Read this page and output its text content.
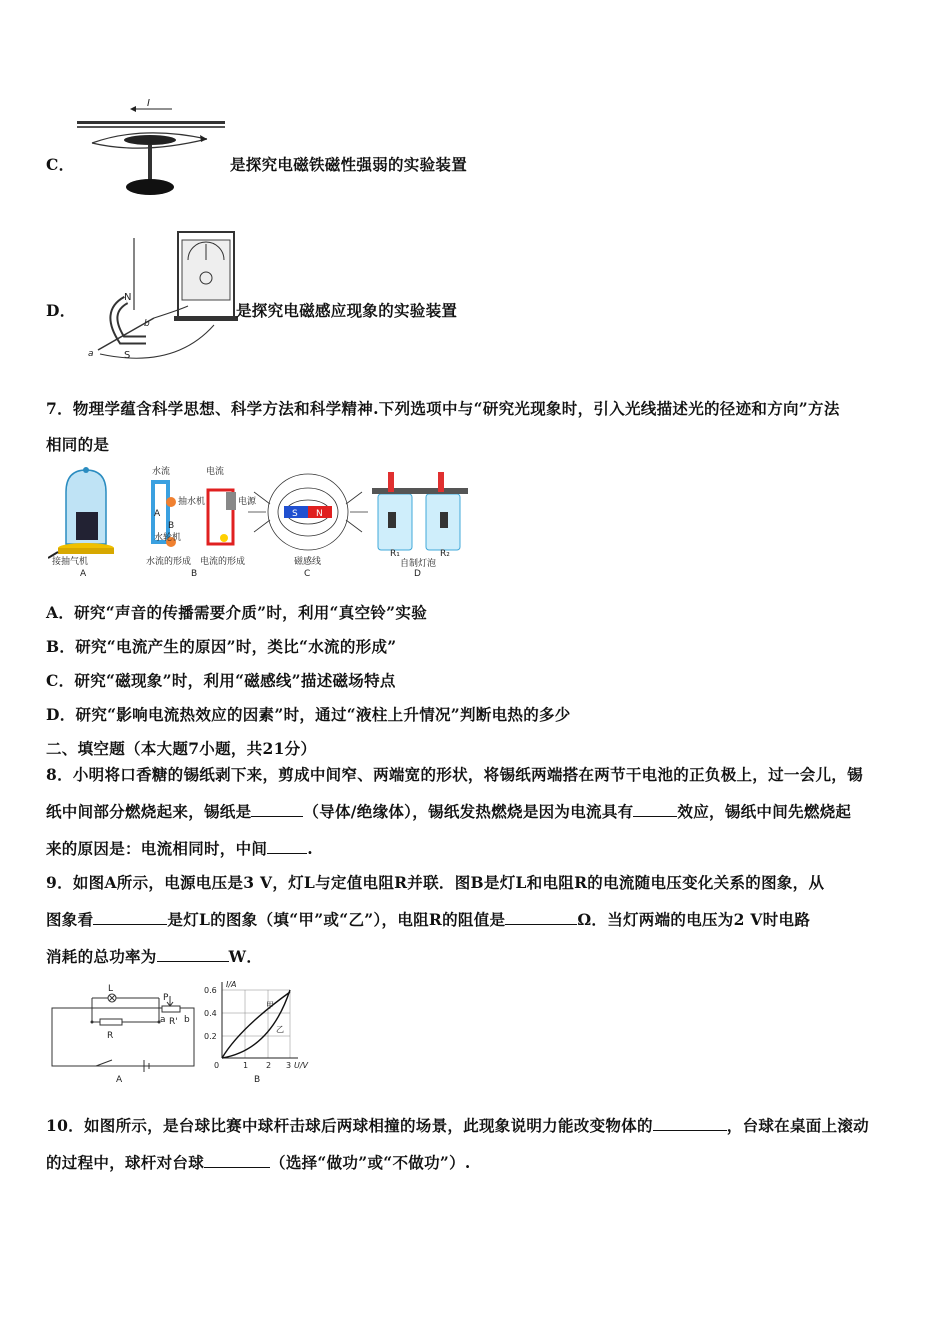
I
C．	是探究电磁铁磁性强弱的实验装置
N
S
a
b
D．	是探究电磁感应现象的实验装置
7．物理学蕴含科学思想、科学方法和科学精神.下列选项中与“研究光现象时，引入光线描述光的径迹和方向”方法
相同的是
接抽气机
A
水流	电流
抽水机	电源
A
B
水轮机
水流的形成 电流的形成
B
S N
磁感线
C
R₁	R₂
自制灯泡
D
A．研究“声音的传播需要介质”时，利用“真空铃”实验
B．研究“电流产生的原因”时，类比“水流的形成”
C．研究“磁现象”时，利用“磁感线”描述磁场特点
D．研究“影响电流热效应的因素”时，通过“液柱上升情况”判断电热的多少
二、填空题（本大题7小题，共21分）
8．小明将口香糖的锡纸剥下来，剪成中间窄、两端宽的形状，将锡纸两端搭在两节干电池的正负极上，过一会儿，锡
纸中间部分燃烧起来，锡纸是	（导体/绝缘体），锡纸发热燃烧是因为电流具有	效应，锡纸中间先燃烧起
来的原因是：电流相同时，中间	.
9．如图A所示，电源电压是3 V，灯L与定值电阻R并联．图B是灯L和电阻R的电流随电压变化关系的图象，从
图象看	是灯L的图象（填“甲”或“乙”），电阻R的阻值是	Ω．当灯两端的电压为2 V时电路
消耗的总功率为	W．
L
R
P
a b
R'
A
I/A
U/V
0.6
0.4
0.2
0	1 2 3
甲
乙
B
10．如图所示，是台球比赛中球杆击球后两球相撞的场景，此现象说明力能改变物体的	，台球在桌面上滚动
的过程中，球杆对台球	（选择“做功”或“不做功”）.
